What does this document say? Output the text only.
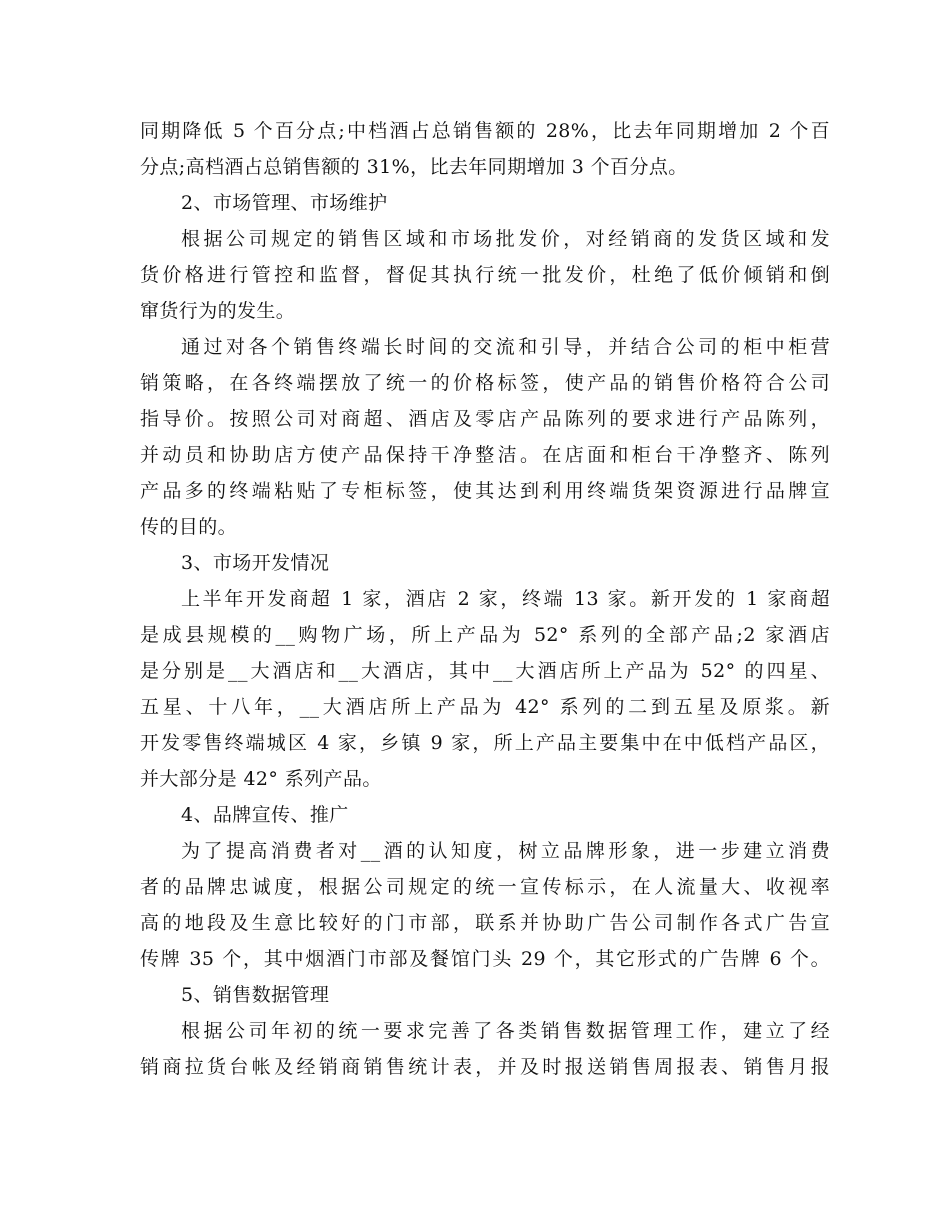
同期降低 5 个百分点;中档酒占总销售额的 28%，比去年同期增加 2 个百
分点;高档酒占总销售额的 31%，比去年同期增加 3 个百分点。
2、市场管理、市场维护
根据公司规定的销售区域和市场批发价，对经销商的发货区域和发
货价格进行管控和监督，督促其执行统一批发价，杜绝了低价倾销和倒
窜货行为的发生。
通过对各个销售终端长时间的交流和引导，并结合公司的柜中柜营
销策略，在各终端摆放了统一的价格标签，使产品的销售价格符合公司
指导价。按照公司对商超、酒店及零店产品陈列的要求进行产品陈列，
并动员和协助店方使产品保持干净整洁。在店面和柜台干净整齐、陈列
产品多的终端粘贴了专柜标签，使其达到利用终端货架资源进行品牌宣
传的目的。
3、市场开发情况
上半年开发商超 1 家，酒店 2 家，终端 13 家。新开发的 1 家商超
是成县规模的__购物广场，所上产品为 52° 系列的全部产品;2 家酒店
是分别是__大酒店和__大酒店，其中__大酒店所上产品为 52° 的四星、
五星、十八年，__大酒店所上产品为 42° 系列的二到五星及原浆。新
开发零售终端城区 4 家，乡镇 9 家，所上产品主要集中在中低档产品区，
并大部分是 42° 系列产品。
4、品牌宣传、推广
为了提高消费者对__酒的认知度，树立品牌形象，进一步建立消费
者的品牌忠诚度，根据公司规定的统一宣传标示，在人流量大、收视率
高的地段及生意比较好的门市部，联系并协助广告公司制作各式广告宣
传牌 35 个，其中烟酒门市部及餐馆门头 29 个，其它形式的广告牌 6 个。
5、销售数据管理
根据公司年初的统一要求完善了各类销售数据管理工作，建立了经
销商拉货台帐及经销商销售统计表，并及时报送销售周报表、销售月报
